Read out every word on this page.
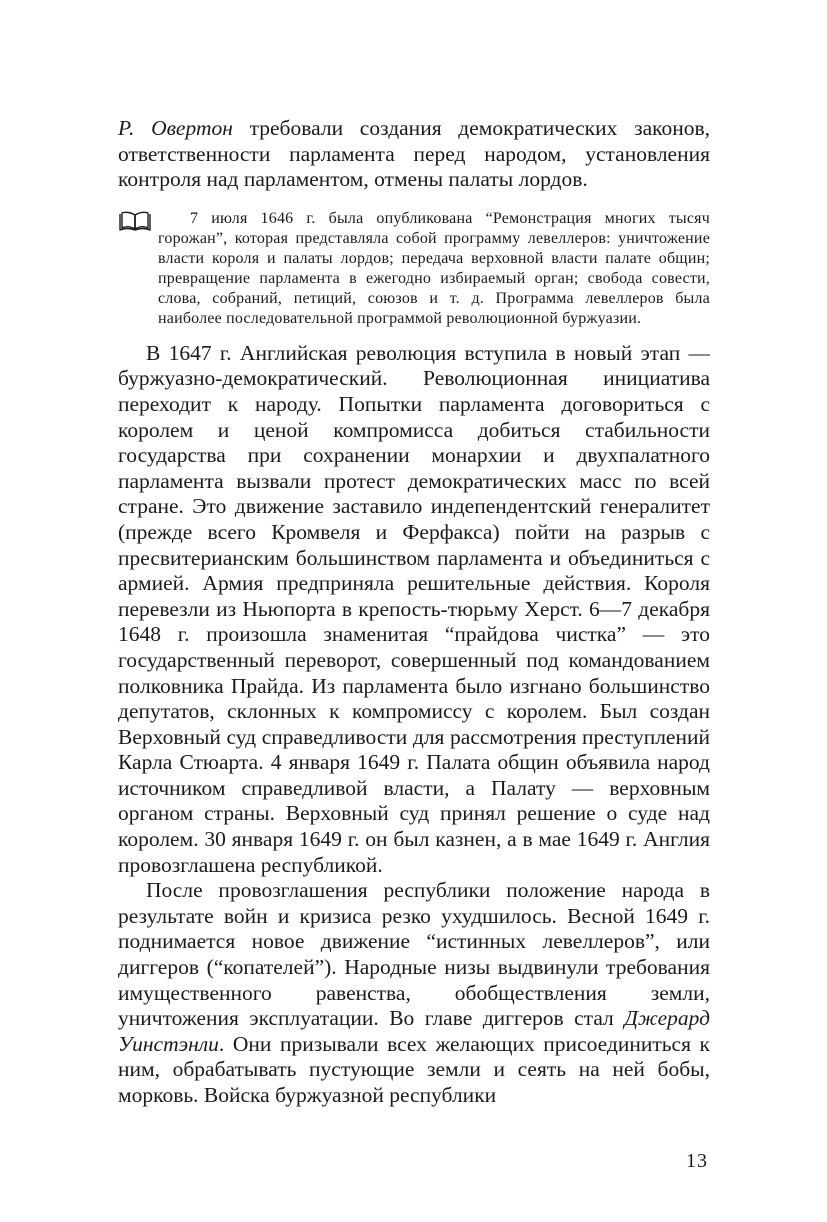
Р. Овертон требовали создания демократических законов, ответственности парламента перед народом, установления контроля над парламентом, отмены палаты лордов.

7 июля 1646 г. была опубликована “Ремонстрация многих тысяч горожан”, которая представляла собой программу левеллеров: уничтожение власти короля и палаты лордов; передача верховной власти палате общин; превращение парламента в ежегодно избираемый орган; свобода совести, слова, собраний, петиций, союзов и т. д. Программа левеллеров была наиболее последовательной программой революционной буржуазии.

В 1647 г. Английская революция вступила в новый этап — буржуазно-демократический. Революционная инициатива переходит к народу. Попытки парламента договориться с королем и ценой компромисса добиться стабильности государства при сохранении монархии и двухпалатного парламента вызвали протест демократических масс по всей стране. Это движение заставило индепендентский генералитет (прежде всего Кромвеля и Ферфакса) пойти на разрыв с пресвитерианским большинством парламента и объединиться с армией. Армия предприняла решительные действия. Короля перевезли из Ньюпорта в крепость-тюрьму Херст. 6—7 декабря 1648 г. произошла знаменитая “прайдова чистка” — это государственный переворот, совершенный под командованием полковника Прайда. Из парламента было изгнано большинство депутатов, склонных к компромиссу с королем. Был создан Верховный суд справедливости для рассмотрения преступлений Карла Стюарта. 4 января 1649 г. Палата общин объявила народ источником справедливой власти, а Палату — верховным органом страны. Верховный суд принял решение о суде над королем. 30 января 1649 г. он был казнен, а в мае 1649 г. Англия провозглашена республикой.

После провозглашения республики положение народа в результате войн и кризиса резко ухудшилось. Весной 1649 г. поднимается новое движение “истинных левеллеров”, или диггеров (“копателей”). Народные низы выдвинули требования имущественного равенства, обобществления земли, уничтожения эксплуатации. Во главе диггеров стал Джерард Уинстэнли. Они призывали всех желающих присоединиться к ним, обрабатывать пустующие земли и сеять на ней бобы, морковь. Войска буржуазной республики

13
